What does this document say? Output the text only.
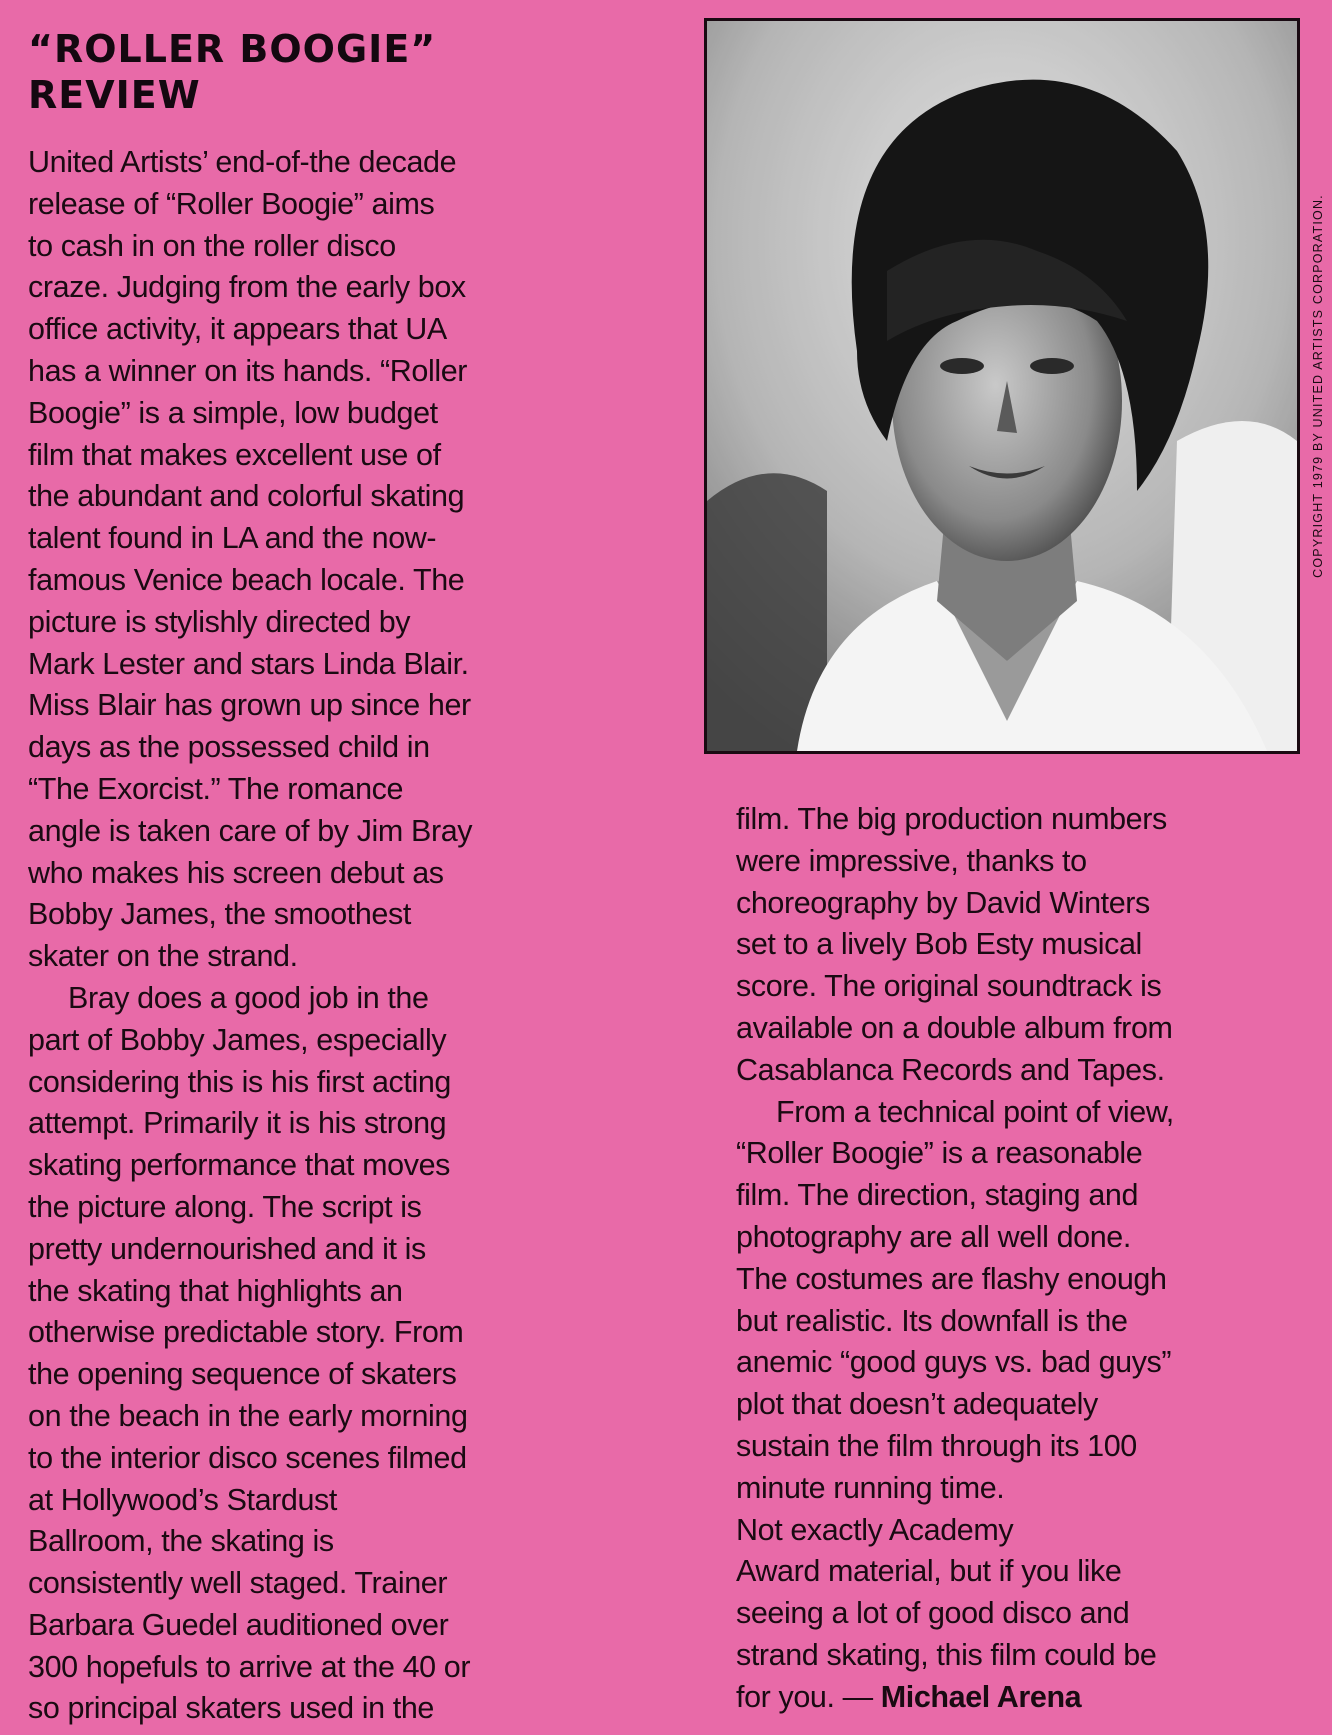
“ROLLER BOOGIE”
REVIEW
United Artists’ end-of-the decade
release of “Roller Boogie” aims
to cash in on the roller disco
craze. Judging from the early box
office activity, it appears that UA
has a winner on its hands. “Roller
Boogie” is a simple, low budget
film that makes excellent use of
the abundant and colorful skating
talent found in LA and the now-
famous Venice beach locale. The
picture is stylishly directed by
Mark Lester and stars Linda Blair.
Miss Blair has grown up since her
days as the possessed child in
“The Exorcist.” The romance
angle is taken care of by Jim Bray
who makes his screen debut as
Bobby James, the smoothest
skater on the strand.
Bray does a good job in the
part of Bobby James, especially
considering this is his first acting
attempt. Primarily it is his strong
skating performance that moves
the picture along. The script is
pretty undernourished and it is
the skating that highlights an
otherwise predictable story. From
the opening sequence of skaters
on the beach in the early morning
to the interior disco scenes filmed
at Hollywood’s Stardust
Ballroom, the skating is
consistently well staged. Trainer
Barbara Guedel auditioned over
300 hopefuls to arrive at the 40 or
so principal skaters used in the
COPYRIGHT 1979 BY UNITED ARTISTS CORPORATION.
film. The big production numbers
were impressive, thanks to
choreography by David Winters
set to a lively Bob Esty musical
score. The original soundtrack is
available on a double album from
Casablanca Records and Tapes.
From a technical point of view,
“Roller Boogie” is a reasonable
film. The direction, staging and
photography are all well done.
The costumes are flashy enough
but realistic. Its downfall is the
anemic “good guys vs. bad guys”
plot that doesn’t adequately
sustain the film through its 100
minute running time.
Not exactly Academy
Award material, but if you like
seeing a lot of good disco and
strand skating, this film could be
for you. — Michael Arena
